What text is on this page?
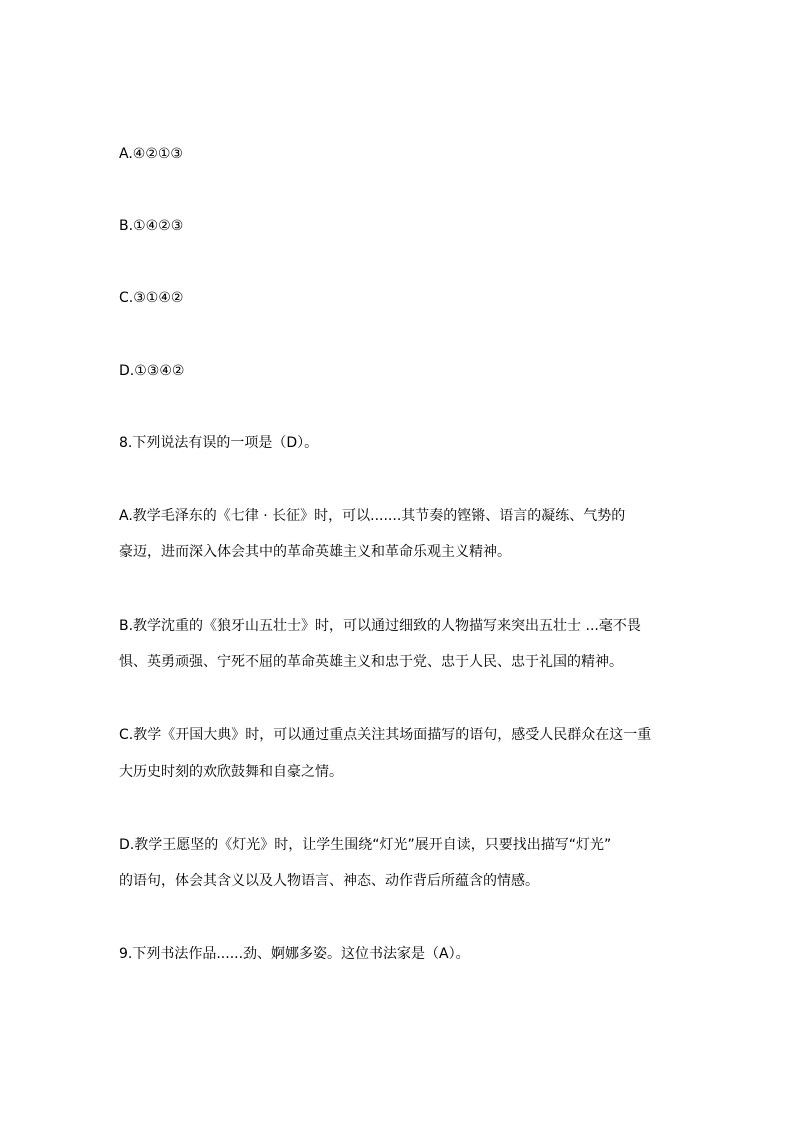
A.④②①③
B.①④②③
C.③①④②
D.①③④②
8.下列说法有误的一项是（D）。
A.教学毛泽东的《七律 · 长征》时，可以.......其节奏的铿锵、语言的凝练、气势的
豪迈，进而深入体会其中的革命英雄主义和革命乐观主义精神。
B.教学沈重的《狼牙山五壮士》时，可以通过细致的人物描写来突出五壮士 ...毫不畏
惧、英勇顽强、宁死不屈的革命英雄主义和忠于党、忠于人民、忠于礼国的精神。
C.教学《开国大典》时，可以通过重点关注其场面描写的语句，感受人民群众在这一重
大历史时刻的欢欣鼓舞和自豪之情。
D.教学王愿坚的《灯光》时，让学生围绕“灯光”展开自读，只要找出描写“灯光”
的语句，体会其含义以及人物语言、神态、动作背后所蕴含的情感。
9.下列书法作品......劲、婀娜多姿。这位书法家是（A）。
